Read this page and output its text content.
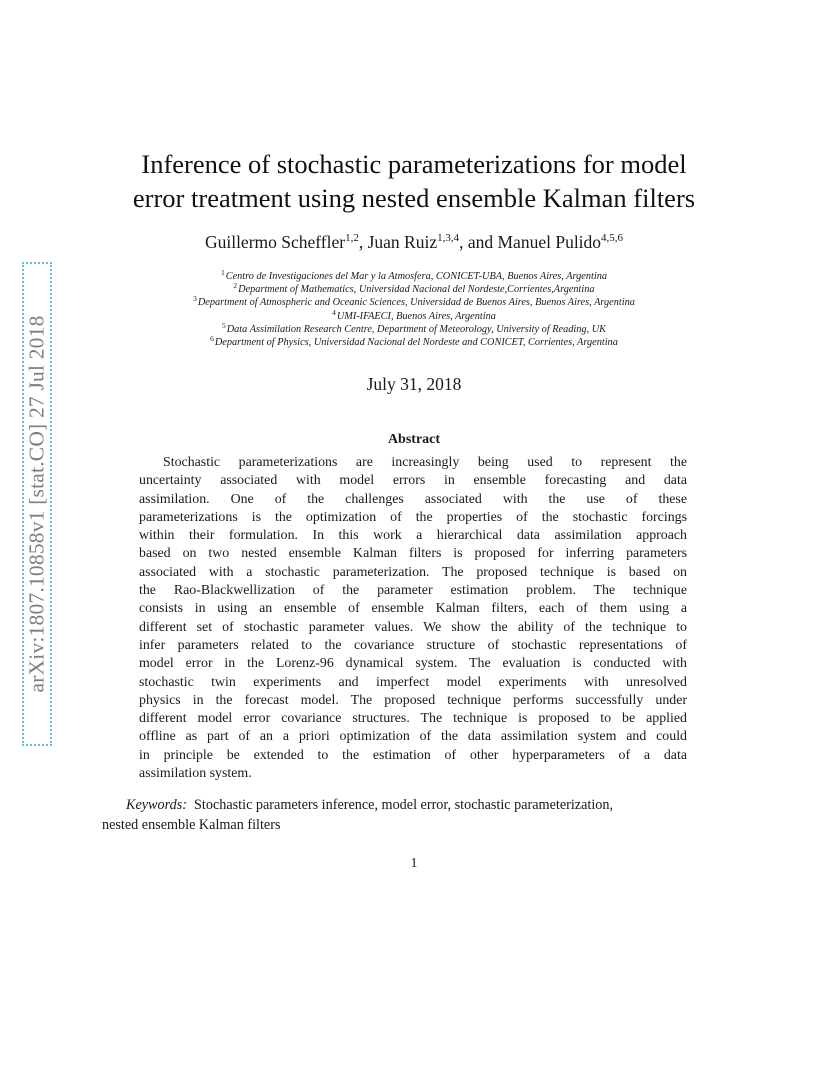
arXiv:1807.10858v1 [stat.CO] 27 Jul 2018
Inference of stochastic parameterizations for model
error treatment using nested ensemble Kalman filters
Guillermo Scheffler$^{1,2}$, Juan Ruiz$^{1,3,4}$, and Manuel Pulido$^{4,5,6}$
$^1$Centro de Investigaciones del Mar y la Atmosfera, CONICET-UBA, Buenos Aires, Argentina
$^2$Department of Mathematics, Universidad Nacional del Nordeste,Corrientes,Argentina
$^3$Department of Atmospheric and Oceanic Sciences, Universidad de Buenos Aires, Buenos Aires, Argentina
$^4$UMI-IFAECI, Buenos Aires, Argentina
$^5$Data Assimilation Research Centre, Department of Meteorology, University of Reading, UK
$^6$Department of Physics, Universidad Nacional del Nordeste and CONICET, Corrientes, Argentina
July 31, 2018
Abstract
Stochastic parameterizations are increasingly being used to represent the
uncertainty associated with model errors in ensemble forecasting and data
assimilation. One of the challenges associated with the use of these
parameterizations is the optimization of the properties of the stochastic forcings
within their formulation. In this work a hierarchical data assimilation approach
based on two nested ensemble Kalman filters is proposed for inferring parameters
associated with a stochastic parameterization. The proposed technique is based on
the Rao-Blackwellization of the parameter estimation problem. The technique
consists in using an ensemble of ensemble Kalman filters, each of them using a
different set of stochastic parameter values. We show the ability of the technique to
infer parameters related to the covariance structure of stochastic representations of
model error in the Lorenz-96 dynamical system. The evaluation is conducted with
stochastic twin experiments and imperfect model experiments with unresolved
physics in the forecast model. The proposed technique performs successfully under
different model error covariance structures. The technique is proposed to be applied
offline as part of an a priori optimization of the data assimilation system and could
in principle be extended to the estimation of other hyperparameters of a data
assimilation system.
Keywords: Stochastic parameters inference, model error, stochastic parameterization,
nested ensemble Kalman filters
1
